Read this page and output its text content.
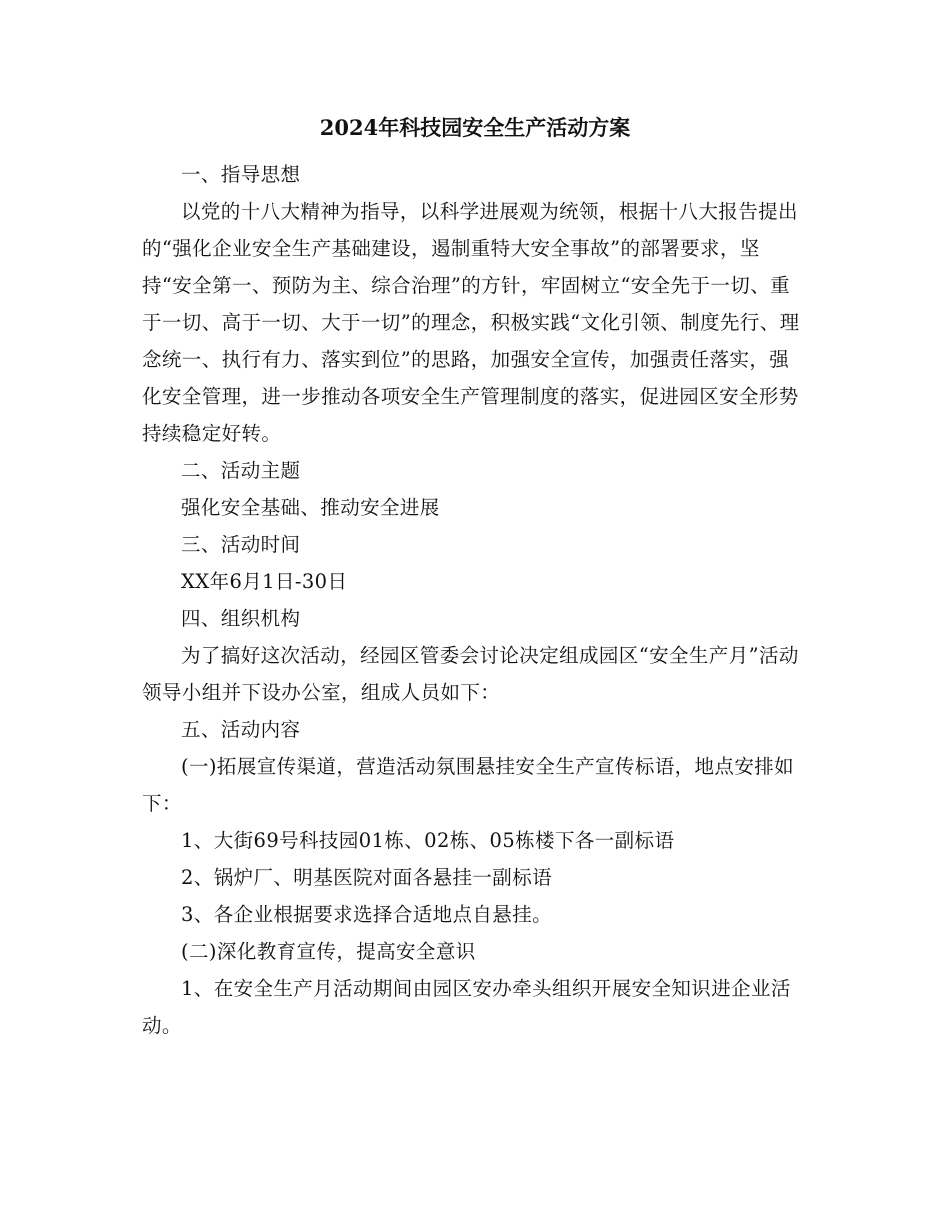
2024年科技园安全生产活动方案

一、指导思想

以党的十八大精神为指导，以科学进展观为统领，根据十八大报告提出的“强化企业安全生产基础建设，遏制重特大安全事故”的部署要求，坚持“安全第一、预防为主、综合治理”的方针，牢固树立“安全先于一切、重于一切、高于一切、大于一切”的理念，积极实践“文化引领、制度先行、理念统一、执行有力、落实到位”的思路，加强安全宣传，加强责任落实，强化安全管理，进一步推动各项安全生产管理制度的落实，促进园区安全形势持续稳定好转。

二、活动主题

强化安全基础、推动安全进展

三、活动时间

XX年6月1日-30日

四、组织机构

为了搞好这次活动，经园区管委会讨论决定组成园区“安全生产月”活动领导小组并下设办公室，组成人员如下：

五、活动内容

(一)拓展宣传渠道，营造活动氛围悬挂安全生产宣传标语，地点安排如下：

1、大街69号科技园01栋、02栋、05栋楼下各一副标语

2、锅炉厂、明基医院对面各悬挂一副标语

3、各企业根据要求选择合适地点自悬挂。

(二)深化教育宣传，提高安全意识

1、在安全生产月活动期间由园区安办牵头组织开展安全知识进企业活动。
